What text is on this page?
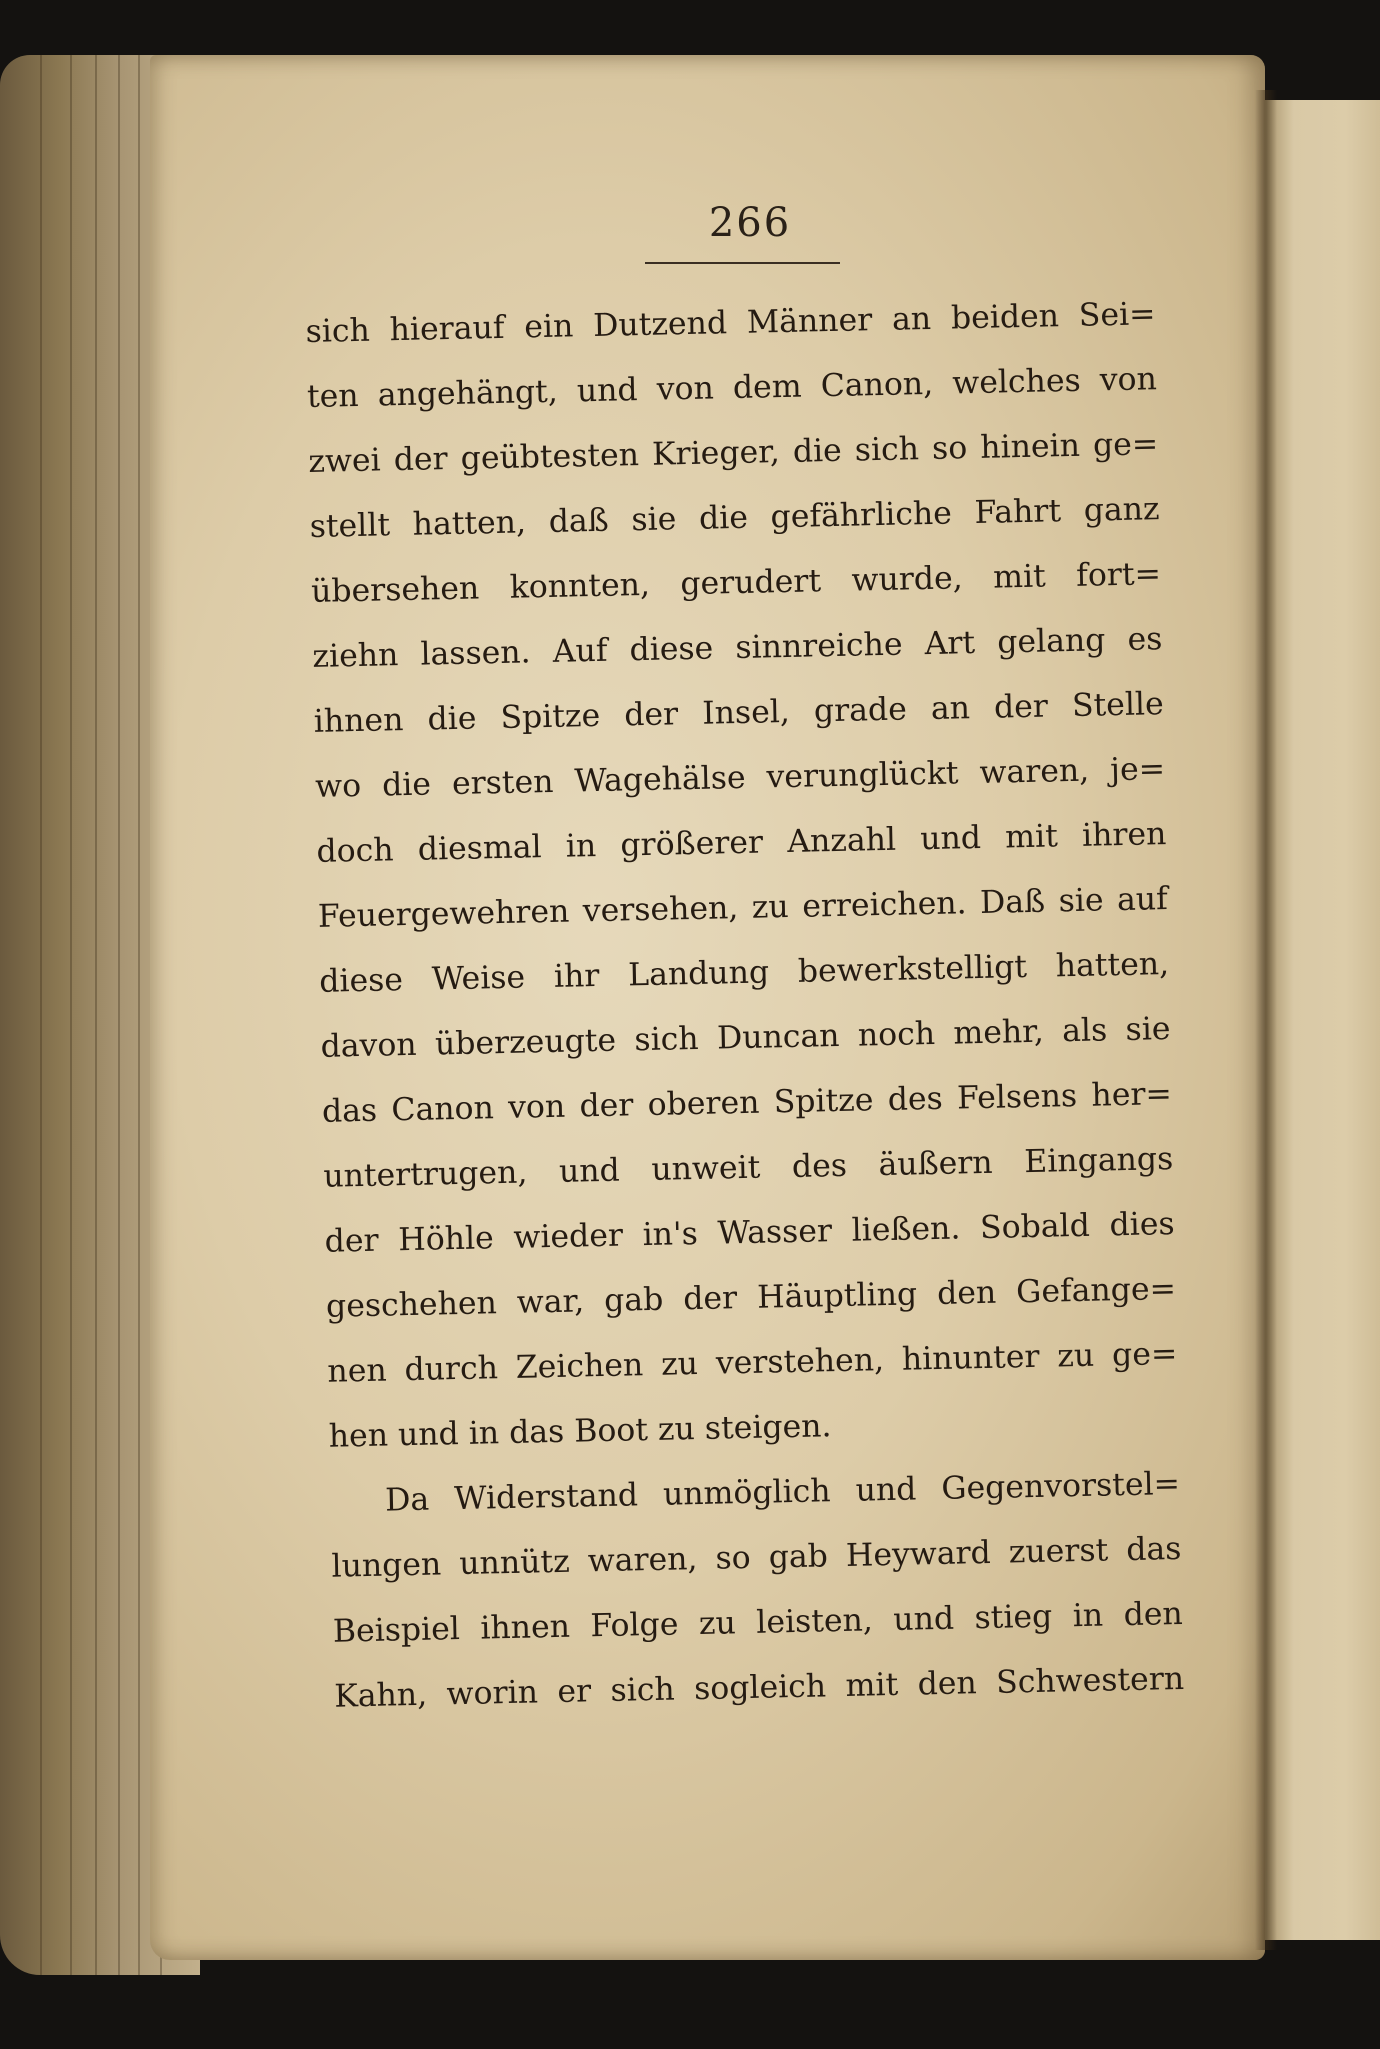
266
sich hierauf ein Dutzend Männer an beiden Sei=
ten angehängt, und von dem Canon, welches von
zwei der geübtesten Krieger, die sich so hinein ge=
stellt hatten, daß sie die gefährliche Fahrt ganz
übersehen konnten, gerudert wurde, mit fort=
ziehn lassen. Auf diese sinnreiche Art gelang es
ihnen die Spitze der Insel, grade an der Stelle
wo die ersten Wagehälse verunglückt waren, je=
doch diesmal in größerer Anzahl und mit ihren
Feuergewehren versehen, zu erreichen. Daß sie auf
diese Weise ihr Landung bewerkstelligt hatten,
davon überzeugte sich Duncan noch mehr, als sie
das Canon von der oberen Spitze des Felsens her=
untertrugen, und unweit des äußern Eingangs
der Höhle wieder in's Wasser ließen. Sobald dies
geschehen war, gab der Häuptling den Gefange=
nen durch Zeichen zu verstehen, hinunter zu ge=
hen und in das Boot zu steigen.
Da Widerstand unmöglich und Gegenvorstel=
lungen unnütz waren, so gab Heyward zuerst das
Beispiel ihnen Folge zu leisten, und stieg in den
Kahn, worin er sich sogleich mit den Schwestern
